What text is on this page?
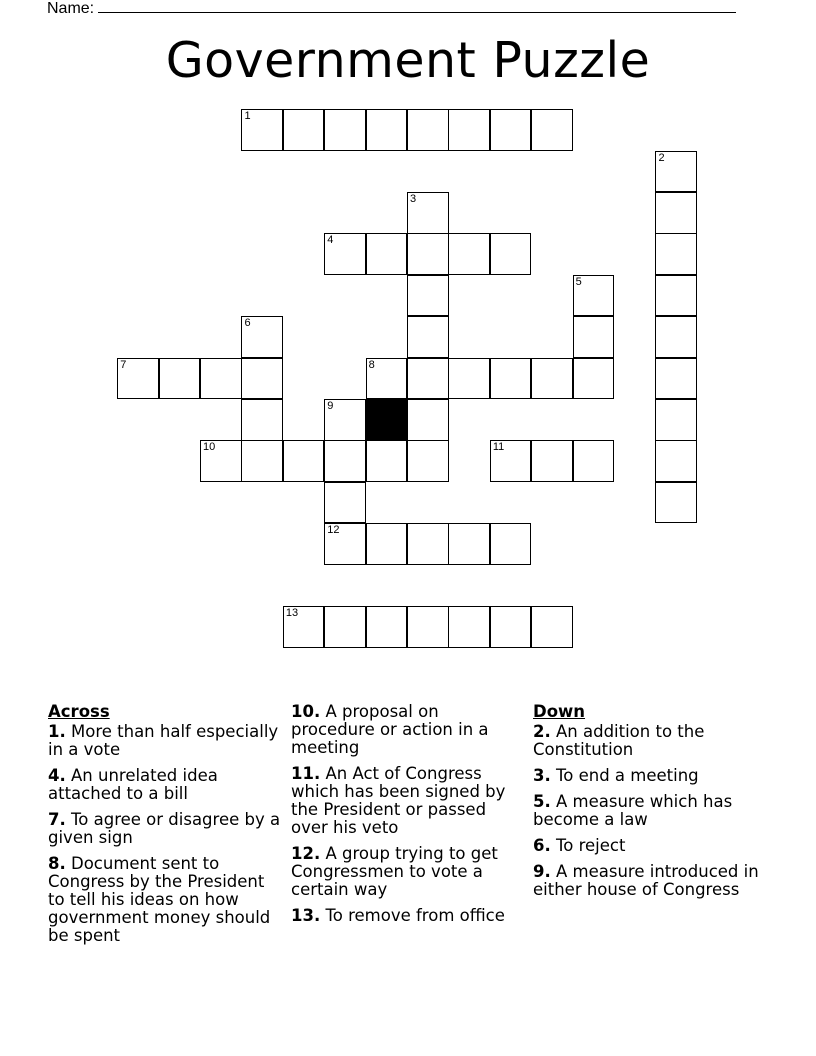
Name:
Government Puzzle
1
2
3
4
5
6
7	8
9
12
10	11
13
Across
1. More than half especially in a vote
4. An unrelated idea attached to a bill
7. To agree or disagree by a given sign
8. Document sent to Congress by the President to tell his ideas on how government money should be spent
10. A proposal on procedure or action in a meeting
11. An Act of Congress which has been signed by the President or passed over his veto
12. A group trying to get Congressmen to vote a certain way
13. To remove from office
Down
2. An addition to the Constitution
3. To end a meeting
5. A measure which has become a law
6. To reject
9. A measure introduced in either house of Congress
